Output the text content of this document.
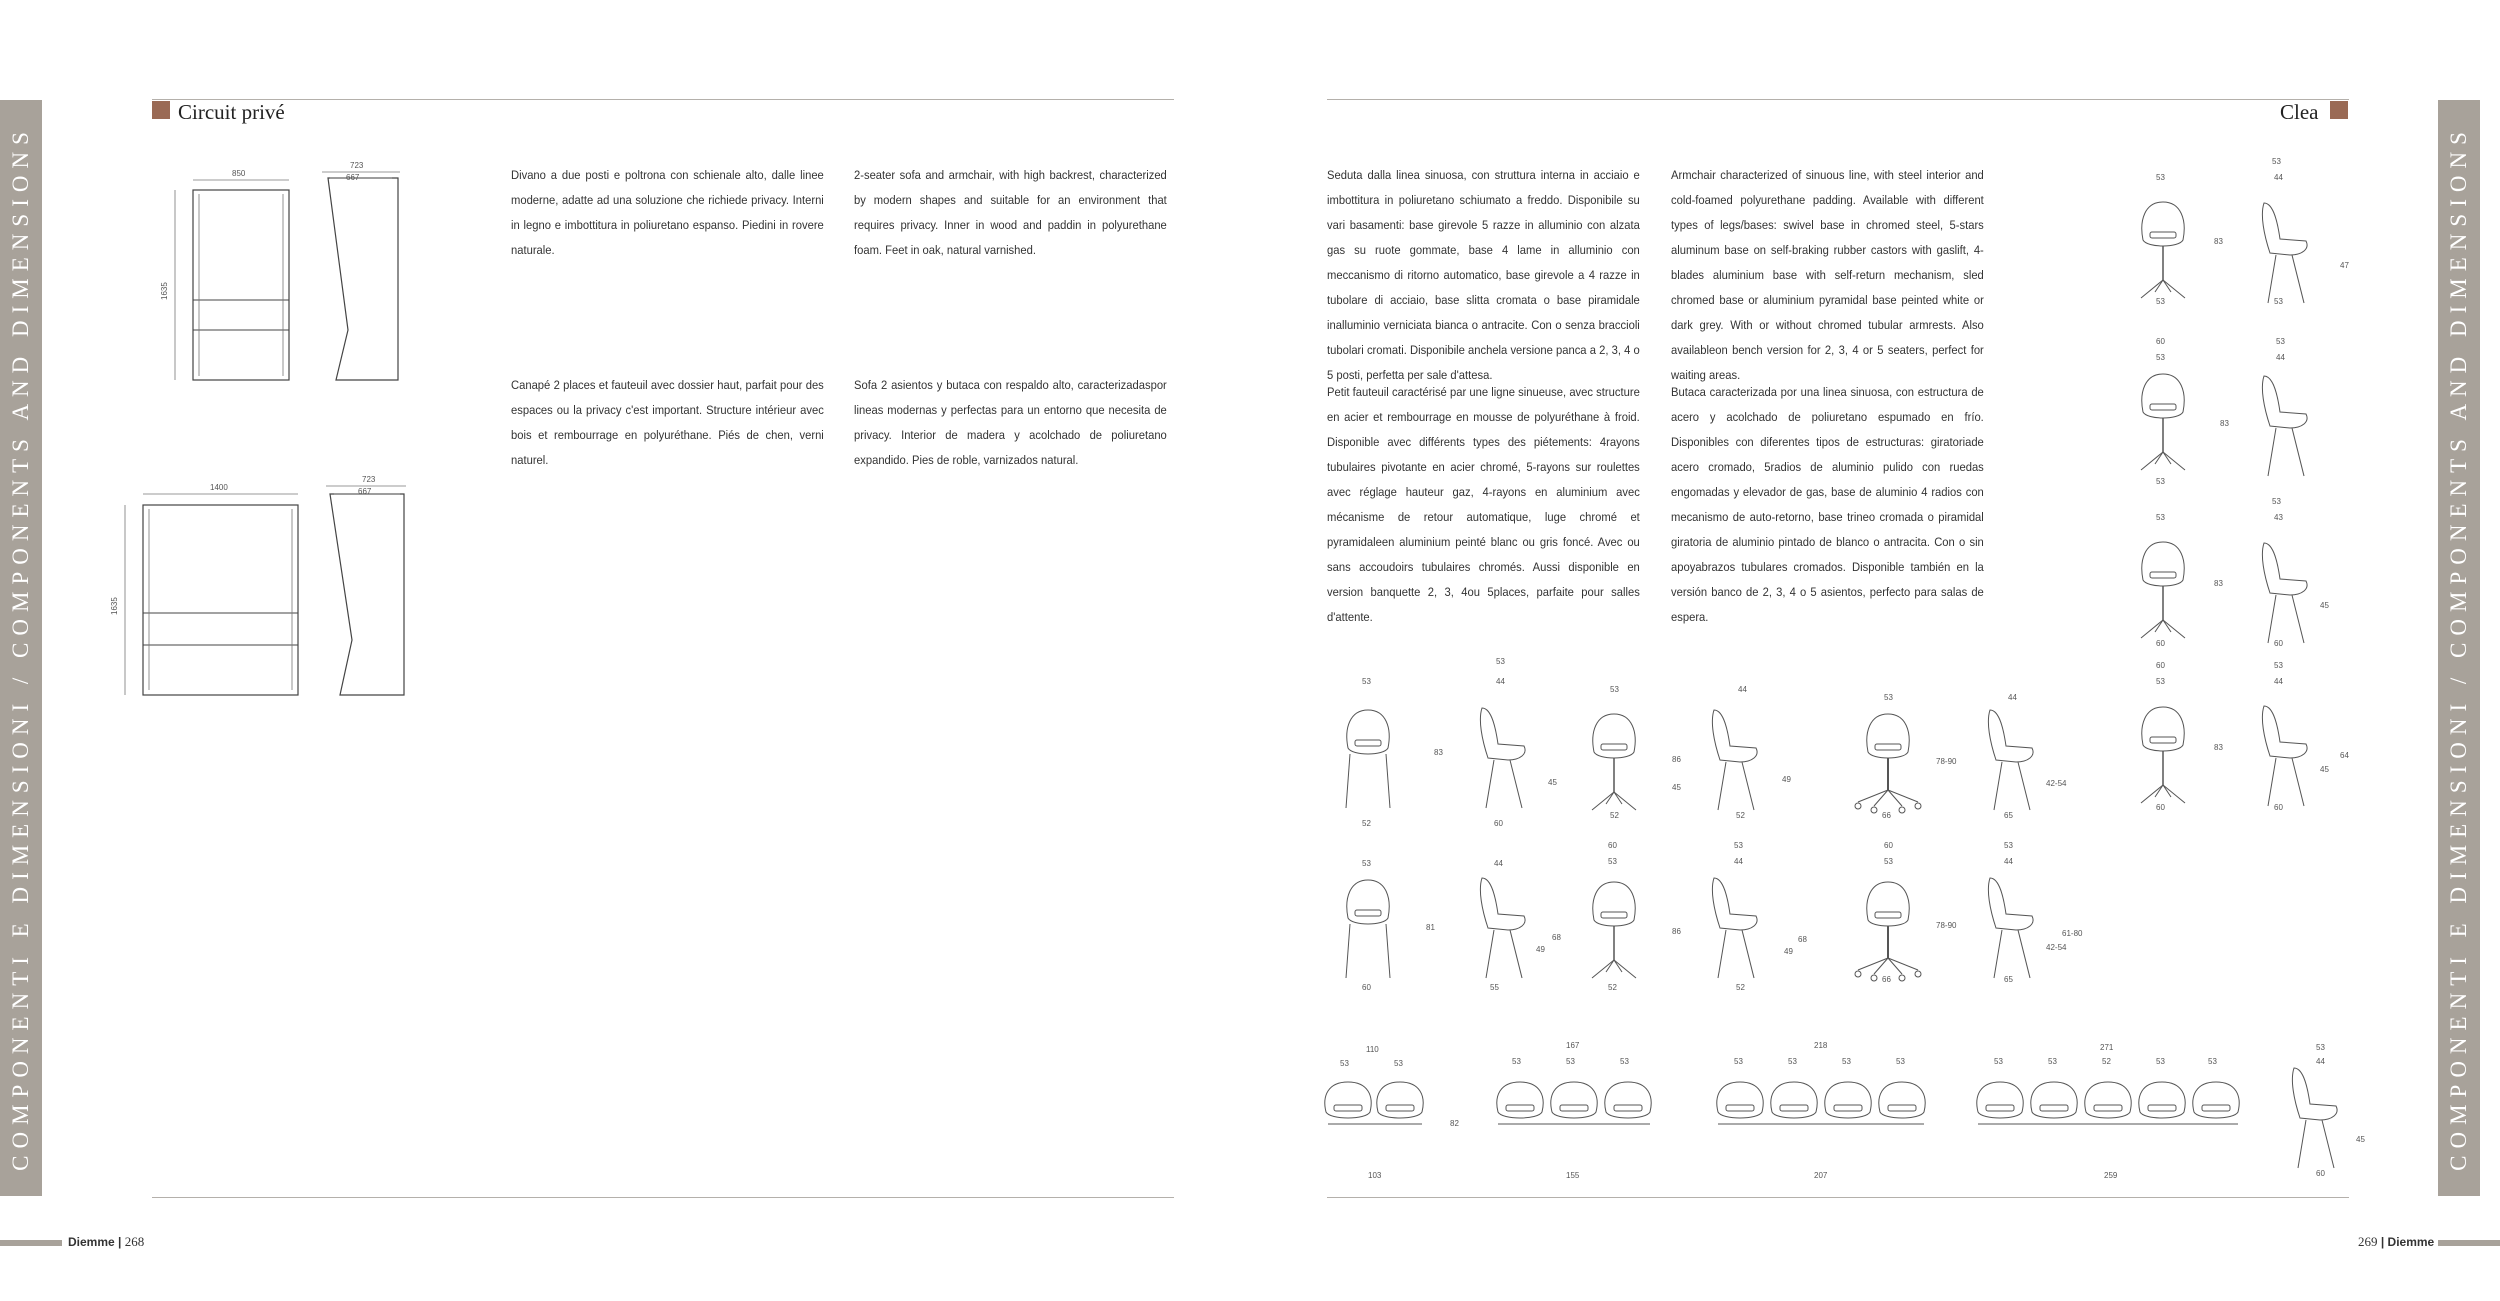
COMPONENTI E DIMENSIONI / COMPONENTS AND DIMENSIONS	COMPONENTI E DIMENSIONI / COMPONENTS AND DIMENSIONS
Circuit privé	Clea
Divano a due posti e poltrona con schienale alto, dalle linee moderne, adatte ad una soluzione che richiede privacy. Interni in legno e imbottitura in poliuretano espanso. Piedini in rovere naturale.
2-seater sofa and armchair, with high backrest, characterized by modern shapes and suitable for an environment that requires privacy. Inner in wood and paddin in polyurethane foam. Feet in oak, natural varnished.
Canapé 2 places et fauteuil avec dossier haut, parfait pour des espaces ou la privacy c'est important. Structure intérieur avec bois et rembourrage en polyuréthane. Piés de chen, verni naturel.
Sofa 2 asientos y butaca con respaldo alto, caracterizadaspor lineas modernas y perfectas para un entorno que necesita de privacy. Interior de madera y acolchado de poliuretano expandido. Pies de roble, varnizados natural.
Seduta dalla linea sinuosa, con struttura interna in acciaio e imbottitura in poliuretano schiumato a freddo. Disponibile su vari basamenti: base girevole 5 razze in alluminio con alzata gas su ruote gommate, base 4 lame in alluminio con meccanismo di ritorno automatico, base girevole a 4 razze in tubolare di acciaio, base slitta cromata o base piramidale inalluminio verniciata bianca o antracite. Con o senza braccioli tubolari cromati. Disponibile anchela versione panca a 2, 3, 4 o 5 posti, perfetta per sale d'attesa.
Armchair characterized of sinuous line, with steel interior and cold-foamed polyurethane padding. Available with different types of legs/bases: swivel base in chromed steel, 5-stars aluminum base on self-braking rubber castors with gaslift, 4-blades aluminium base with self-return mechanism, sled chromed base or aluminium pyramidal base peinted white or dark grey. With or without chromed tubular armrests. Also availableon bench version for 2, 3, 4 or 5 seaters, perfect for waiting areas.
Petit fauteuil caractérisé par une ligne sinueuse, avec structure en acier et rembourrage en mousse de polyuréthane à froid. Disponible avec différents types des piétements: 4rayons tubulaires pivotante en acier chromé, 5-rayons sur roulettes avec réglage hauteur gaz, 4-rayons en aluminium avec mécanisme de retour automatique, luge chromé et pyramidaleen aluminium peinté blanc ou gris foncé. Avec ou sans accoudoirs tubulaires chromés. Aussi disponible en version banquette 2, 3, 4ou 5places, parfaite pour salles d'attente.
Butaca caracterizada por una linea sinuosa, con estructura de acero y acolchado de poliuretano espumado en frío. Disponibles con diferentes tipos de estructuras: giratoriade acero cromado, 5radios de aluminio pulido con ruedas engomadas y elevador de gas, base de aluminio 4 radios con mecanismo de auto-retorno, base trineo cromada o piramidal giratoria de aluminio pintado de blanco o antracita. Con o sin apoyabrazos tubulares cromados. Disponible también en la versión banco de 2, 3, 4 o 5 asientos, perfecto para salas de espera.
850
723
667
1635
1400
723
667
1635
53
83
52
53
44
60
45
53
52
45
44
86
52
49
53
78-90
66
44
42-54
65
53
81
60
44
49
68
55
60
53
52
53
44
86
49
68
52
60
53
78-90
66
53
44
42-54
61-80
65
53
53
44
83
47
53	53
60
53
53
44
83
53
53
53
43
83
45
60	60
60
53
53
44
83
45
64
60	60
110
53	53
82
103
167
53	53	53
155
218
53	53	53	53
207
271
53	53	52	53	53
259
53
44
45
60
Diemme | 268	269 | Diemme
